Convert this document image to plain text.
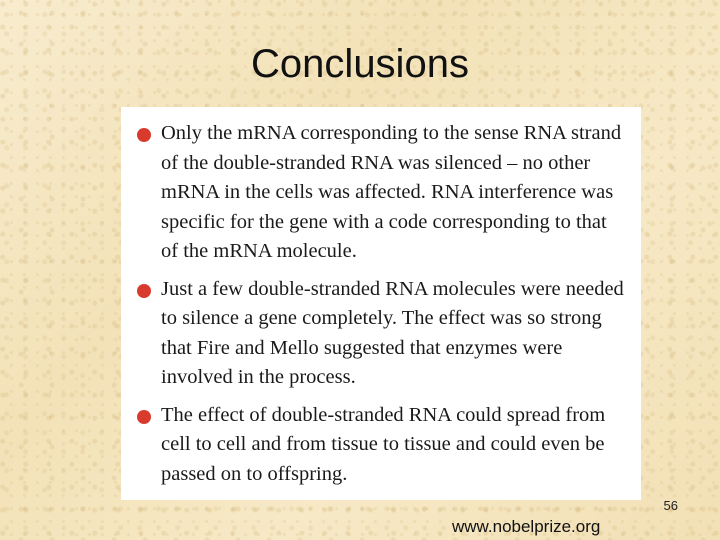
Conclusions

Only the mRNA corresponding to the sense RNA strand of the double-stranded RNA was silenced – no other mRNA in the cells was affected. RNA interference was specific for the gene with a code corresponding to that of the mRNA molecule.

Just a few double-stranded RNA molecules were needed to silence a gene completely. The effect was so strong that Fire and Mello suggested that enzymes were involved in the process.

The effect of double-stranded RNA could spread from cell to cell and from tissue to tissue and could even be passed on to offspring.

56
www.nobelprize.org
